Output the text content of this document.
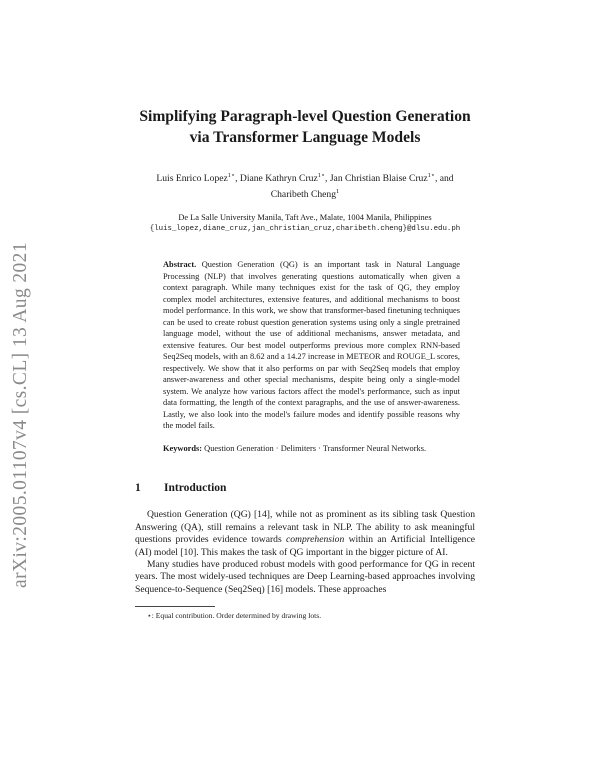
arXiv:2005.01107v4 [cs.CL] 13 Aug 2021
Simplifying Paragraph-level Question Generation via Transformer Language Models
Luis Enrico Lopez$^{1⋆}$, Diane Kathryn Cruz$^{1⋆}$, Jan Christian Blaise Cruz$^{1⋆}$, and
Charibeth Cheng$^1$
De La Salle University Manila, Taft Ave., Malate, 1004 Manila, Philippines
{luis_lopez,diane_cruz,jan_christian_cruz,charibeth.cheng}@dlsu.edu.ph
Abstract. Question Generation (QG) is an important task in Natural Language Processing (NLP) that involves generating questions automatically when given a context paragraph. While many techniques exist for the task of QG, they employ complex model architectures, extensive features, and additional mechanisms to boost model performance. In this work, we show that transformer-based finetuning techniques can be used to create robust question generation systems using only a single pretrained language model, without the use of additional mechanisms, answer metadata, and extensive features. Our best model outperforms previous more complex RNN-based Seq2Seq models, with an 8.62 and a 14.27 increase in METEOR and ROUGE_L scores, respectively. We show that it also performs on par with Seq2Seq models that employ answer-awareness and other special mechanisms, despite being only a single-model system. We analyze how various factors affect the model's performance, such as input data formatting, the length of the context paragraphs, and the use of answer-awareness. Lastly, we also look into the model's failure modes and identify possible reasons why the model fails.
Keywords: Question Generation · Delimiters · Transformer Neural Networks.
1 Introduction

Question Generation (QG) [14], while not as prominent as its sibling task Question Answering (QA), still remains a relevant task in NLP. The ability to ask meaningful questions provides evidence towards comprehension within an Artificial Intelligence (AI) model [10]. This makes the task of QG important in the bigger picture of AI.

Many studies have produced robust models with good performance for QG in recent years. The most widely-used techniques are Deep Learning-based approaches involving Sequence-to-Sequence (Seq2Seq) [16] models. These approaches

⋆: Equal contribution. Order determined by drawing lots.
